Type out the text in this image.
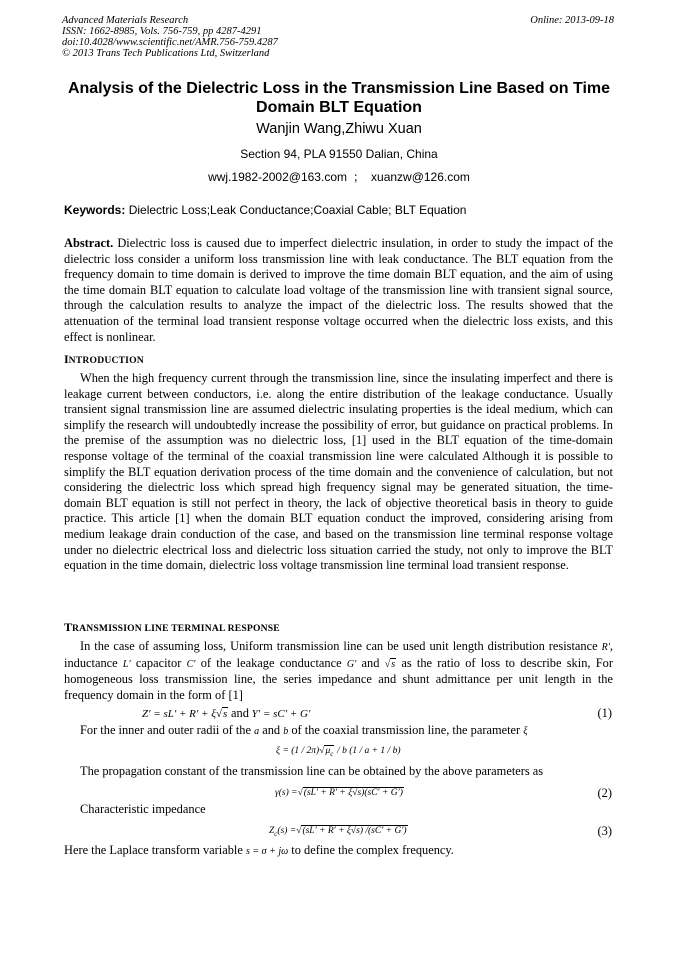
Advanced Materials Research
ISSN: 1662-8985, Vols. 756-759, pp 4287-4291
doi:10.4028/www.scientific.net/AMR.756-759.4287
© 2013 Trans Tech Publications Ltd, Switzerland
Online: 2013-09-18
Analysis of the Dielectric Loss in the Transmission Line Based on Time Domain BLT Equation
Wanjin Wang,Zhiwu Xuan
Section 94, PLA 91550 Dalian, China
wwj.1982-2002@163.com ； xuanzw@126.com
Keywords: Dielectric Loss;Leak Conductance;Coaxial Cable; BLT Equation
Abstract. Dielectric loss is caused due to imperfect dielectric insulation, in order to study the impact of the dielectric loss consider a uniform loss transmission line with leak conductance. The BLT equation from the frequency domain to time domain is derived to improve the time domain BLT equation, and the aim of using the time domain BLT equation to calculate load voltage of the transmission line with transient signal source, through the calculation results to analyze the impact of the dielectric loss. The results showed that the attenuation of the terminal load transient response voltage occurred when the dielectric loss exists, and this effect is nonlinear.
INTRODUCTION
When the high frequency current through the transmission line, since the insulating imperfect and there is leakage current between conductors, i.e. along the entire distribution of the leakage conductance. Usually transient signal transmission line are assumed dielectric insulating properties is the ideal medium, which can simplify the research will undoubtedly increase the possibility of error, but guidance on practical problems. In the premise of the assumption was no dielectric loss, [1] used in the BLT equation of the time-domain response voltage of the terminal of the coaxial transmission line were calculated Although it is possible to simplify the BLT equation derivation process of the time domain and the convenience of calculation, but not considering the dielectric loss which spread high frequency signal may be generated situation, the time-domain BLT equation is still not perfect in theory, the lack of objective theoretical basis in theory to guide practice. This article [1] when the domain BLT equation conduct the improved, considering arising from medium leakage drain conduction of the case, and based on the transmission line terminal response voltage under no dielectric electrical loss and dielectric loss situation carried the study, not only to improve the BLT equation in the time domain, dielectric loss voltage transmission line terminal load transient response.
TRANSMISSION LINE TERMINAL RESPONSE
In the case of assuming loss, Uniform transmission line can be used unit length distribution resistance R′, inductance L′ capacitor C′ of the leakage conductance G′ and √s as the ratio of loss to describe skin, For homogeneous loss transmission line, the series impedance and shunt admittance per unit length in the frequency domain in the form of [1]
Z′ = sL′ + R′ + ξ√s and Y′ = sC′ + G′	(1)
For the inner and outer radii of the a and b of the coaxial transmission line, the parameter ξ
$\xi = (1 / 2\pi)√\mu_c / b$ (1 / a + 1 / b)
The propagation constant of the transmission line can be obtained by the above parameters as
γ(s) =√(sL′ + R′ + ξ√s)(sC′ + G′)	(2)
Characteristic impedance
$Z_c(s) =√(sL' + R' + \xi√s) /(sC' + G')$	(3)
Here the Laplace transform variable s = σ + jω to define the complex frequency.
